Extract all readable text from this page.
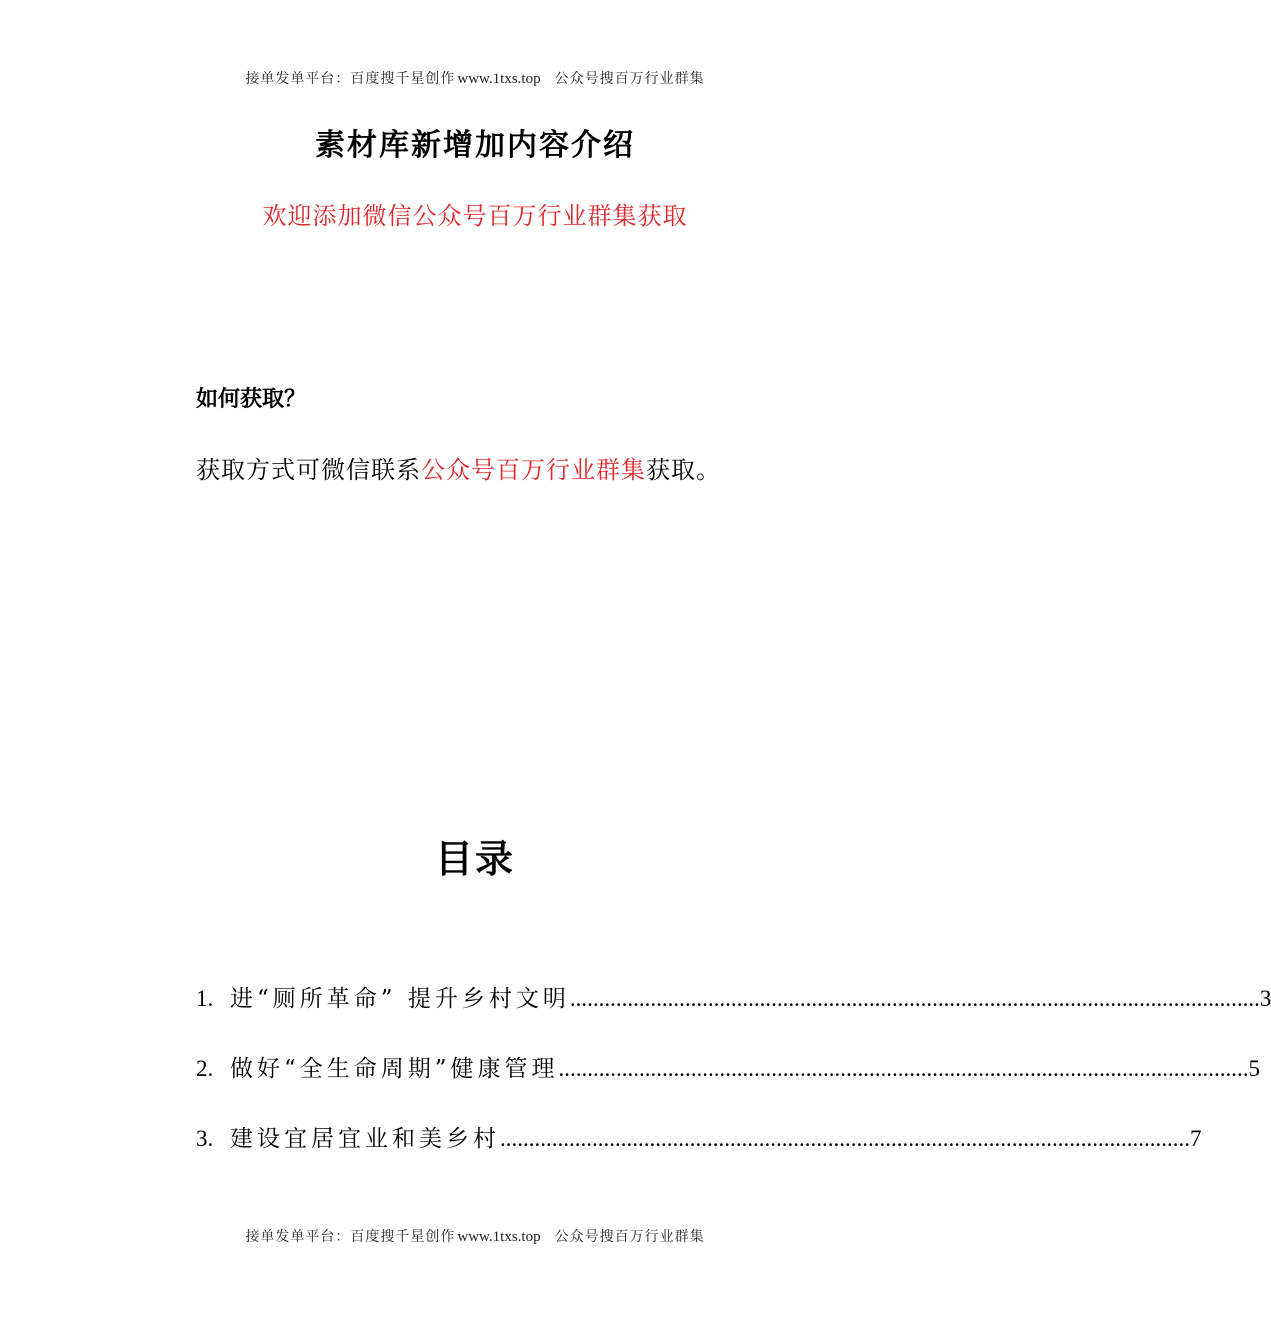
接单发单平台：百度搜千星创作 www.1txs.top 公众号搜百万行业群集
素材库新增加内容介绍
欢迎添加微信公众号百万行业群集获取
如何获取？
获取方式可微信联系公众号百万行业群集获取。
目录
1. 进“厕所革命” 提升乡村文明 ........................................................................................................................ 3
2. 做好“全生命周期”健康管理 ........................................................................................................................ 5
3. 建设宜居宜业和美乡村 ........................................................................................................................ 7
接单发单平台：百度搜千星创作 www.1txs.top 公众号搜百万行业群集
